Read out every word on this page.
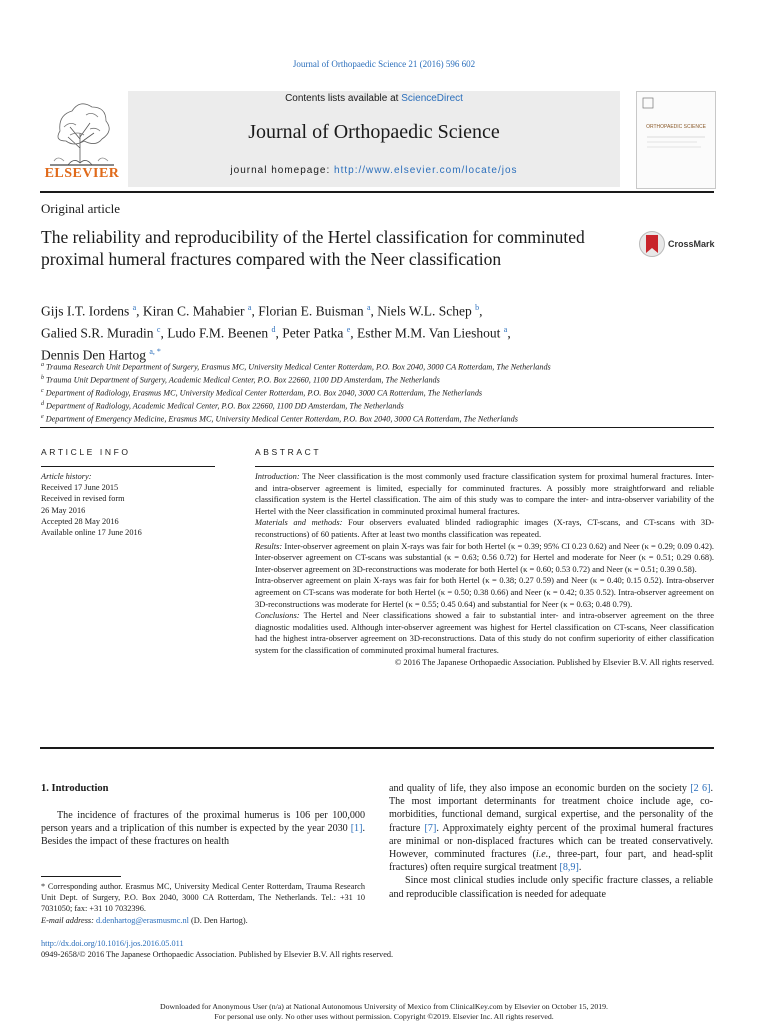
Journal of Orthopaedic Science 21 (2016) 596 602
Contents lists available at ScienceDirect
Journal of Orthopaedic Science
journal homepage: http://www.elsevier.com/locate/jos
ELSEVIER
ORTHOPAEDIC SCIENCE
Original article
The reliability and reproducibility of the Hertel classification for comminuted proximal humeral fractures compared with the Neer classification
CrossMark
Gijs I.T. Iordens $^a$, Kiran C. Mahabier $^a$, Florian E. Buisman $^a$, Niels W.L. Schep $^b$,
Galied S.R. Muradin $^c$, Ludo F.M. Beenen $^d$, Peter Patka $^e$, Esther M.M. Van Lieshout $^a$,
Dennis Den Hartog $^{a, *}$
$^a$ Trauma Research Unit Department of Surgery, Erasmus MC, University Medical Center Rotterdam, P.O. Box 2040, 3000 CA Rotterdam, The Netherlands
$^b$ Trauma Unit Department of Surgery, Academic Medical Center, P.O. Box 22660, 1100 DD Amsterdam, The Netherlands
$^c$ Department of Radiology, Erasmus MC, University Medical Center Rotterdam, P.O. Box 2040, 3000 CA Rotterdam, The Netherlands
$^d$ Department of Radiology, Academic Medical Center, P.O. Box 22660, 1100 DD Amsterdam, The Netherlands
$^e$ Department of Emergency Medicine, Erasmus MC, University Medical Center Rotterdam, P.O. Box 2040, 3000 CA Rotterdam, The Netherlands
ARTICLE INFO	ABSTRACT
Article history:
Received 17 June 2015
Received in revised form
26 May 2016
Accepted 28 May 2016
Available online 17 June 2016

Introduction: The Neer classification is the most commonly used fracture classification system for proximal humeral fractures. Inter- and intra-observer agreement is limited, especially for comminuted fractures. A possibly more straightforward and reliable classification system is the Hertel classification. The aim of this study was to compare the inter- and intra-observer variability of the Hertel with the Neer classification in comminuted proximal humeral fractures.

Materials and methods: Four observers evaluated blinded radiographic images (X-rays, CT-scans, and CT-scans with 3D-reconstructions) of 60 patients. After at least two months classification was repeated.

Results: Inter-observer agreement on plain X-rays was fair for both Hertel (κ = 0.39; 95% CI 0.23 0.62) and Neer (κ = 0.29; 0.09 0.42). Inter-observer agreement on CT-scans was substantial (κ = 0.63; 0.56 0.72) for Hertel and moderate for Neer (κ = 0.51; 0.29 0.68). Inter-observer agreement on 3D-reconstructions was moderate for both Hertel (κ = 0.60; 0.53 0.72) and Neer (κ = 0.51; 0.39 0.58).

Intra-observer agreement on plain X-rays was fair for both Hertel (κ = 0.38; 0.27 0.59) and Neer (κ = 0.40; 0.15 0.52). Intra-observer agreement on CT-scans was moderate for both Hertel (κ = 0.50; 0.38 0.66) and Neer (κ = 0.42; 0.35 0.52). Intra-observer agreement on 3D-reconstructions was moderate for Hertel (κ = 0.55; 0.45 0.64) and substantial for Neer (κ = 0.63; 0.48 0.79).

Conclusions: The Hertel and Neer classifications showed a fair to substantial inter- and intra-observer agreement on the three diagnostic modalities used. Although inter-observer agreement was highest for Hertel classification on CT-scans, Neer classification had the highest intra-observer agreement on 3D-reconstructions. Data of this study do not confirm superiority of either classification system for the classification of comminuted proximal humeral fractures.

© 2016 The Japanese Orthopaedic Association. Published by Elsevier B.V. All rights reserved.

1. Introduction

The incidence of fractures of the proximal humerus is 106 per 100,000 person years and a triplication of this number is expected by the year 2030 [1]. Besides the impact of these fractures on health

and quality of life, they also impose an economic burden on the society [2 6]. The most important determinants for treatment choice include age, co-morbidities, functional demand, surgical expertise, and the personality of the fracture [7]. Approximately eighty percent of the proximal humeral fractures are minimal or non-displaced fractures which can be treated conservatively. However, comminuted fractures (i.e., three-part, four part, and head-split fractures) often require surgical treatment [8,9].

Since most clinical studies include only specific fracture classes, a reliable and reproducible classification is needed for adequate

* Corresponding author. Erasmus MC, University Medical Center Rotterdam, Trauma Research Unit Dept. of Surgery, P.O. Box 2040, 3000 CA Rotterdam, The Netherlands. Tel.: +31 10 7031050; fax: +31 10 7032396.
E-mail address: d.denhartog@erasmusmc.nl (D. Den Hartog).
http://dx.doi.org/10.1016/j.jos.2016.05.011
0949-2658/© 2016 The Japanese Orthopaedic Association. Published by Elsevier B.V. All rights reserved.
Downloaded for Anonymous User (n/a) at National Autonomous University of Mexico from ClinicalKey.com by Elsevier on October 15, 2019.
For personal use only. No other uses without permission. Copyright ©2019. Elsevier Inc. All rights reserved.
